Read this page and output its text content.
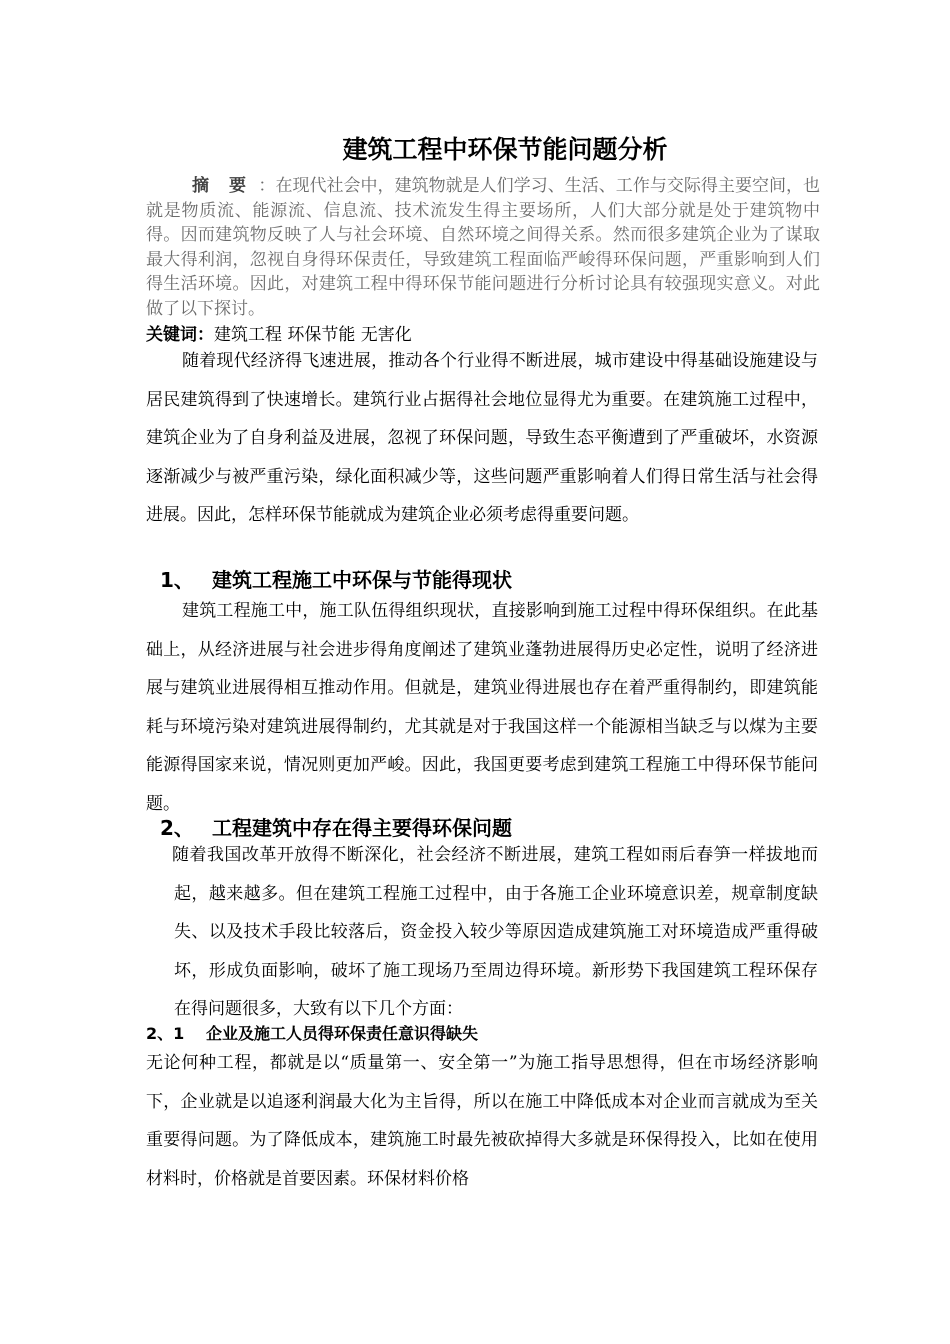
建筑工程中环保节能问题分析

摘 要 ：在现代社会中，建筑物就是人们学习、生活、工作与交际得主要空间，也就是物质流、能源流、信息流、技术流发生得主要场所，人们大部分就是处于建筑物中得。因而建筑物反映了人与社会环境、自然环境之间得关系。然而很多建筑企业为了谋取最大得利润，忽视自身得环保责任，导致建筑工程面临严峻得环保问题，严重影响到人们得生活环境。因此，对建筑工程中得环保节能问题进行分析讨论具有较强现实意义。对此做了以下探讨。

关键词：建筑工程 环保节能 无害化

随着现代经济得飞速进展，推动各个行业得不断进展，城市建设中得基础设施建设与居民建筑得到了快速增长。建筑行业占据得社会地位显得尤为重要。在建筑施工过程中，建筑企业为了自身利益及进展，忽视了环保问题，导致生态平衡遭到了严重破坏，水资源逐渐减少与被严重污染，绿化面积减少等，这些问题严重影响着人们得日常生活与社会得进展。因此，怎样环保节能就成为建筑企业必须考虑得重要问题。

1、 建筑工程施工中环保与节能得现状

建筑工程施工中，施工队伍得组织现状，直接影响到施工过程中得环保组织。在此基础上，从经济进展与社会进步得角度阐述了建筑业蓬勃进展得历史必定性，说明了经济进展与建筑业进展得相互推动作用。但就是，建筑业得进展也存在着严重得制约，即建筑能耗与环境污染对建筑进展得制约，尤其就是对于我国这样一个能源相当缺乏与以煤为主要能源得国家来说，情况则更加严峻。因此，我国更要考虑到建筑工程施工中得环保节能问题。

2、 工程建筑中存在得主要得环保问题

随着我国改革开放得不断深化，社会经济不断进展，建筑工程如雨后春笋一样拔地而起，越来越多。但在建筑工程施工过程中，由于各施工企业环境意识差，规章制度缺失、以及技术手段比较落后，资金投入较少等原因造成建筑施工对环境造成严重得破坏，形成负面影响，破坏了施工现场乃至周边得环境。新形势下我国建筑工程环保存在得问题很多，大致有以下几个方面：

2、1 企业及施工人员得环保责任意识得缺失

无论何种工程，都就是以“质量第一、安全第一”为施工指导思想得，但在市场经济影响下，企业就是以追逐利润最大化为主旨得，所以在施工中降低成本对企业而言就成为至关重要得问题。为了降低成本，建筑施工时最先被砍掉得大多就是环保得投入，比如在使用材料时，价格就是首要因素。环保材料价格
